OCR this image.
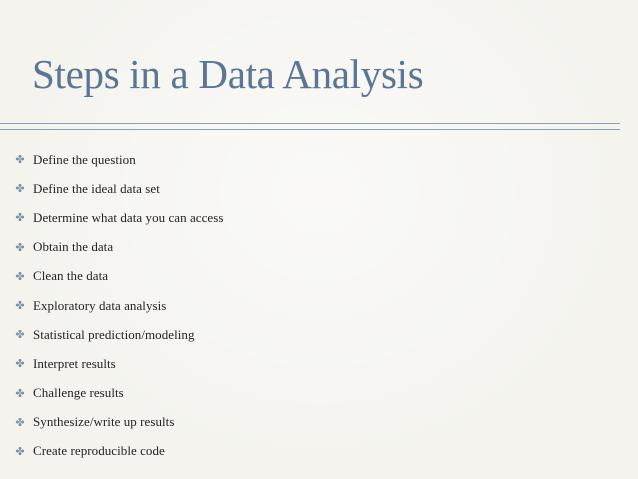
Steps in a Data Analysis
✤ Define the question
✤ Define the ideal data set
✤ Determine what data you can access
✤ Obtain the data
✤ Clean the data
✤ Exploratory data analysis
✤ Statistical prediction/modeling
✤ Interpret results
✤ Challenge results
✤ Synthesize/write up results
✤ Create reproducible code
